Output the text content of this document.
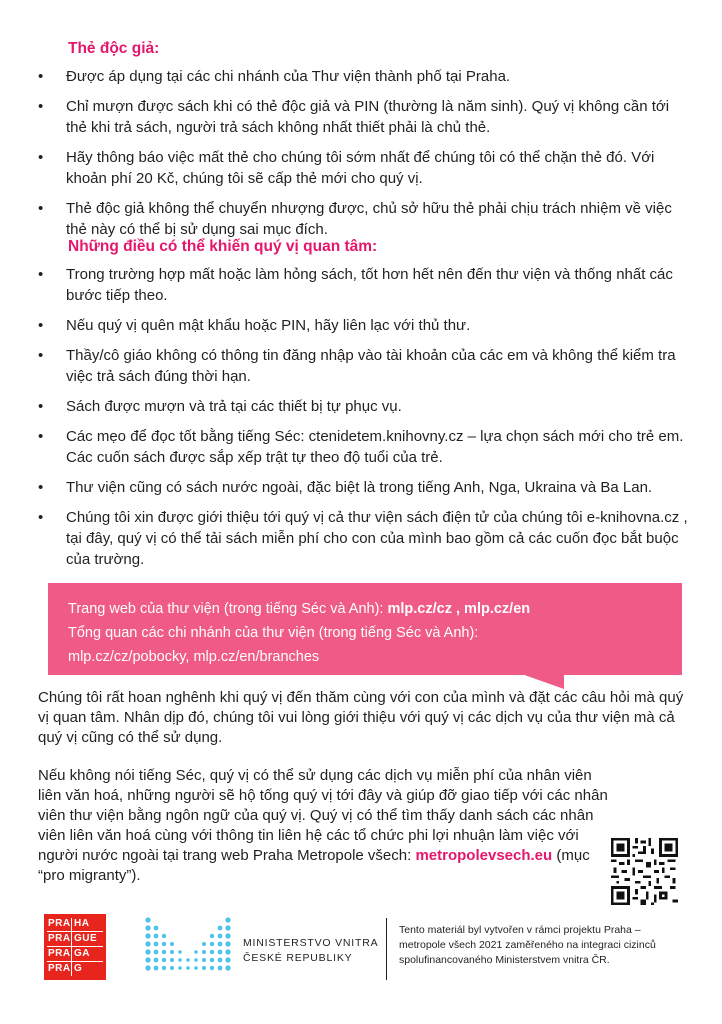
Thẻ độc giả:
• Được áp dụng tại các chi nhánh của Thư viện thành phố tại Praha.
• Chỉ mượn được sách khi có thẻ độc giả và PIN (thường là năm sinh). Quý vị không cần tới thẻ khi trả sách, người trả sách không nhất thiết phải là chủ thẻ.
• Hãy thông báo việc mất thẻ cho chúng tôi sớm nhất để chúng tôi có thể chặn thẻ đó. Với khoản phí 20 Kč, chúng tôi sẽ cấp thẻ mới cho quý vị.
• Thẻ độc giả không thể chuyển nhượng được, chủ sở hữu thẻ phải chịu trách nhiệm về việc thẻ này có thể bị sử dụng sai mục đích.
Những điều có thể khiến quý vị quan tâm:
• Trong trường hợp mất hoặc làm hỏng sách, tốt hơn hết nên đến thư viện và thống nhất các bước tiếp theo.
• Nếu quý vị quên mật khẩu hoặc PIN, hãy liên lạc với thủ thư.
• Thầy/cô giáo không có thông tin đăng nhập vào tài khoản của các em và không thể kiểm tra việc trả sách đúng thời hạn.
• Sách được mượn và trả tại các thiết bị tự phục vụ.
• Các mẹo để đọc tốt bằng tiếng Séc: ctenidetem.knihovny.cz – lựa chọn sách mới cho trẻ em. Các cuốn sách được sắp xếp trật tự theo độ tuổi của trẻ.
• Thư viện cũng có sách nước ngoài, đặc biệt là trong tiếng Anh, Nga, Ukraina và Ba Lan.
• Chúng tôi xin được giới thiệu tới quý vị cả thư viện sách điện tử của chúng tôi e-knihovna.cz , tại đây, quý vị có thể tải sách miễn phí cho con của mình bao gồm cả các cuốn đọc bắt buộc của trường.

Trang web của thư viện (trong tiếng Séc và Anh): mlp.cz/cz , mlp.cz/en

Tổng quan các chi nhánh của thư viện (trong tiếng Séc và Anh):

mlp.cz/cz/pobocky, mlp.cz/en/branches

Chúng tôi rất hoan nghênh khi quý vị đến thăm cùng với con của mình và đặt các câu hỏi mà quý vị quan tâm. Nhân dịp đó, chúng tôi vui lòng giới thiệu với quý vị các dịch vụ của thư viện mà cả quý vị cũng có thể sử dụng.
Nếu không nói tiếng Séc, quý vị có thể sử dụng các dịch vụ miễn phí của nhân viên liên văn hoá, những người sẽ hộ tống quý vị tới đây và giúp đỡ giao tiếp với các nhân viên thư viện bằng ngôn ngữ của quý vị. Quý vị có thể tìm thấy danh sách các nhân viên liên văn hoá cùng với thông tin liên hệ các tổ chức phi lợi nhuận làm việc với người nước ngoài tại trang web Praha Metropole všech: metropolevsech.eu (mục “pro migranty”).
PRA HA
PRA GUE
PRA GA
PRA G
MINISTERSTVO VNITRA
ČESKÉ REPUBLIKY
Tento materiál byl vytvořen v rámci projektu Praha – metropole všech 2021 zaměřeného na integraci cizinců spolufinancovaného Ministerstvem vnitra ČR.
